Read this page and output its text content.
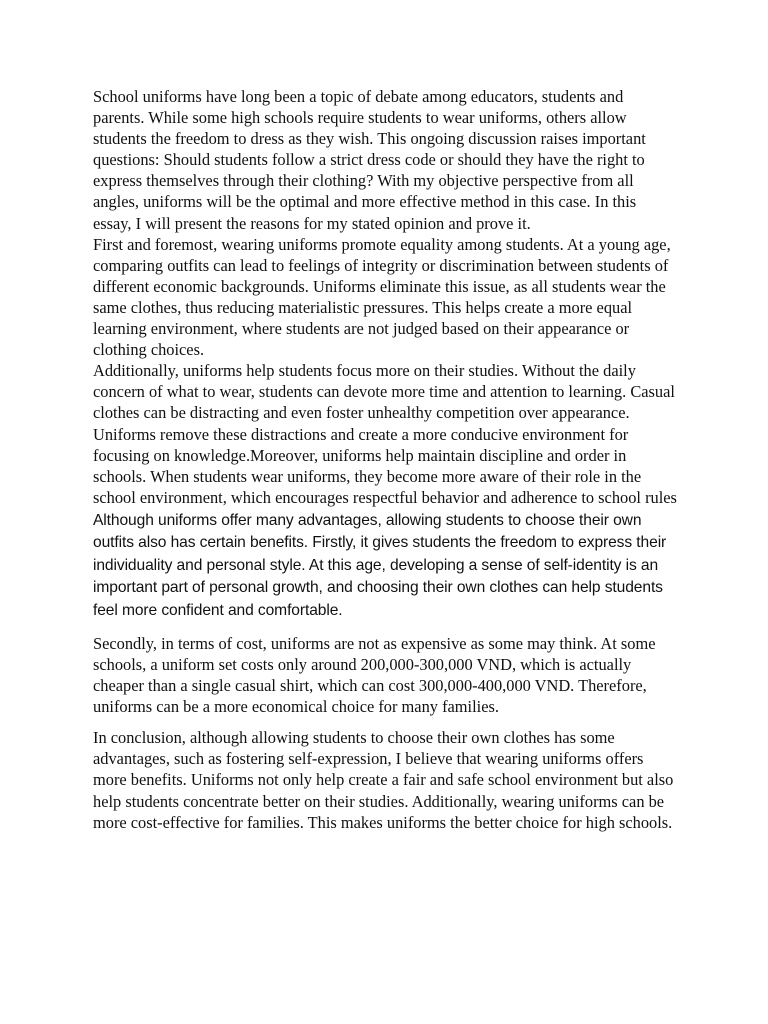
School uniforms have long been a topic of debate among educators, students and parents. While some high schools require students to wear uniforms, others allow students the freedom to dress as they wish. This ongoing discussion raises important questions: Should students follow a strict dress code or should they have the right to express themselves through their clothing? With my objective perspective from all angles, uniforms will be the optimal and more effective method in this case. In this essay, I will present the reasons for my stated opinion and prove it.

First and foremost, wearing uniforms promote equality among students. At a young age, comparing outfits can lead to feelings of integrity or discrimination between students of different economic backgrounds. Uniforms eliminate this issue, as all students wear the same clothes, thus reducing materialistic pressures. This helps create a more equal learning environment, where students are not judged based on their appearance or clothing choices.

Additionally, uniforms help students focus more on their studies. Without the daily concern of what to wear, students can devote more time and attention to learning. Casual clothes can be distracting and even foster unhealthy competition over appearance. Uniforms remove these distractions and create a more conducive environment for focusing on knowledge.Moreover, uniforms help maintain discipline and order in schools. When students wear uniforms, they become more aware of their role in the school environment, which encourages respectful behavior and adherence to school rules

Although uniforms offer many advantages, allowing students to choose their own outfits also has certain benefits. Firstly, it gives students the freedom to express their individuality and personal style. At this age, developing a sense of self-identity is an important part of personal growth, and choosing their own clothes can help students feel more confident and comfortable.

Secondly, in terms of cost, uniforms are not as expensive as some may think. At some schools, a uniform set costs only around 200,000-300,000 VND, which is actually cheaper than a single casual shirt, which can cost 300,000-400,000 VND. Therefore, uniforms can be a more economical choice for many families.

In conclusion, although allowing students to choose their own clothes has some advantages, such as fostering self-expression, I believe that wearing uniforms offers more benefits. Uniforms not only help create a fair and safe school environment but also help students concentrate better on their studies. Additionally, wearing uniforms can be more cost-effective for families. This makes uniforms the better choice for high schools.
